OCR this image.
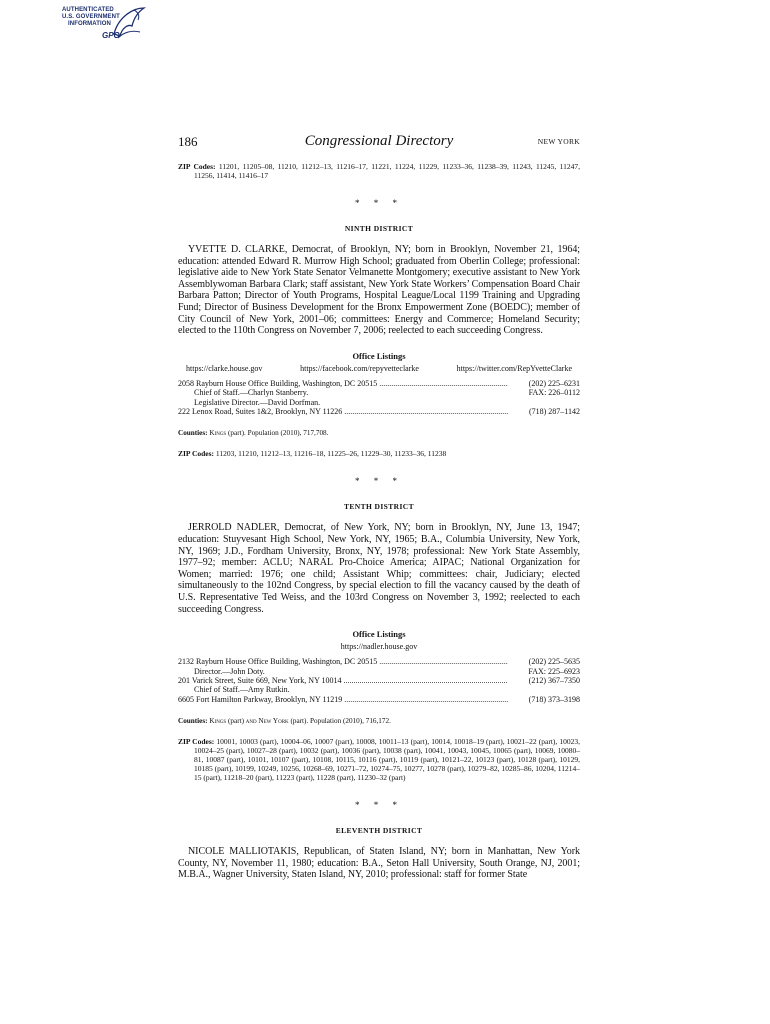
AUTHENTICATED
U.S. GOVERNMENT
INFORMATION
GPO
186	Congressional Directory	NEW YORK

ZIP Codes: 11201, 11205–08, 11210, 11212–13, 11216–17, 11221, 11224, 11229, 11233–36, 11238–39, 11243, 11245, 11247, 11256, 11414, 11416–17

* * *
NINTH DISTRICT

YVETTE D. CLARKE, Democrat, of Brooklyn, NY; born in Brooklyn, November 21, 1964; education: attended Edward R. Murrow High School; graduated from Oberlin College; professional: legislative aide to New York State Senator Velmanette Montgomery; executive assistant to New York Assemblywoman Barbara Clark; staff assistant, New York State Workers’ Compensation Board Chair Barbara Patton; Director of Youth Programs, Hospital League/Local 1199 Training and Upgrading Fund; Director of Business Development for the Bronx Empowerment Zone (BOEDC); member of City Council of New York, 2001–06; committees: Energy and Commerce; Homeland Security; elected to the 110th Congress on November 7, 2006; reelected to each succeeding Congress.

Office Listings
https://clarke.house.gov	https://facebook.com/repyvetteclarke	https://twitter.com/RepYvetteClarke
2058 Rayburn House Office Building, Washington, DC 20515 .....	(202) 225–6231
Chief of Staff.—Charlyn Stanberry.	FAX: 226–0112
Legislative Director.—David Dorfman.
222 Lenox Road, Suites 1&2, Brooklyn, NY 11226 .....	(718) 287–1142
Counties: Kings (part). Population (2010), 717,708.

ZIP Codes: 11203, 11210, 11212–13, 11216–18, 11225–26, 11229–30, 11233–36, 11238

* * *
TENTH DISTRICT

JERROLD NADLER, Democrat, of New York, NY; born in Brooklyn, NY, June 13, 1947; education: Stuyvesant High School, New York, NY, 1965; B.A., Columbia University, New York, NY, 1969; J.D., Fordham University, Bronx, NY, 1978; professional: New York State Assembly, 1977–92; member: ACLU; NARAL Pro-Choice America; AIPAC; National Organization for Women; married: 1976; one child; Assistant Whip; committees: chair, Judiciary; elected simultaneously to the 102nd Congress, by special election to fill the vacancy caused by the death of U.S. Representative Ted Weiss, and the 103rd Congress on November 3, 1992; reelected to each succeeding Congress.

Office Listings
https://nadler.house.gov
2132 Rayburn House Office Building, Washington, DC 20515 .....	(202) 225–5635
Director.—John Doty.	FAX: 225–6923
201 Varick Street, Suite 669, New York, NY 10014 .....	(212) 367–7350
Chief of Staff.—Amy Rutkin.
6605 Fort Hamilton Parkway, Brooklyn, NY 11219 .....	(718) 373–3198
Counties: Kings (part) and New York (part). Population (2010), 716,172.

ZIP Codes: 10001, 10003 (part), 10004–06, 10007 (part), 10008, 10011–13 (part), 10014, 10018–19 (part), 10021–22 (part), 10023, 10024–25 (part), 10027–28 (part), 10032 (part), 10036 (part), 10038 (part), 10041, 10043, 10045, 10065 (part), 10069, 10080–81, 10087 (part), 10101, 10107 (part), 10108, 10115, 10116 (part), 10119 (part), 10121–22, 10123 (part), 10128 (part), 10129, 10185 (part), 10199, 10249, 10256, 10268–69, 10271–72, 10274–75, 10277, 10278 (part), 10279–82, 10285–86, 10204, 11214–15 (part), 11218–20 (part), 11223 (part), 11228 (part), 11230–32 (part)

* * *
ELEVENTH DISTRICT

NICOLE MALLIOTAKIS, Republican, of Staten Island, NY; born in Manhattan, New York County, NY, November 11, 1980; education: B.A., Seton Hall University, South Orange, NJ, 2001; M.B.A., Wagner University, Staten Island, NY, 2010; professional: staff for former State
